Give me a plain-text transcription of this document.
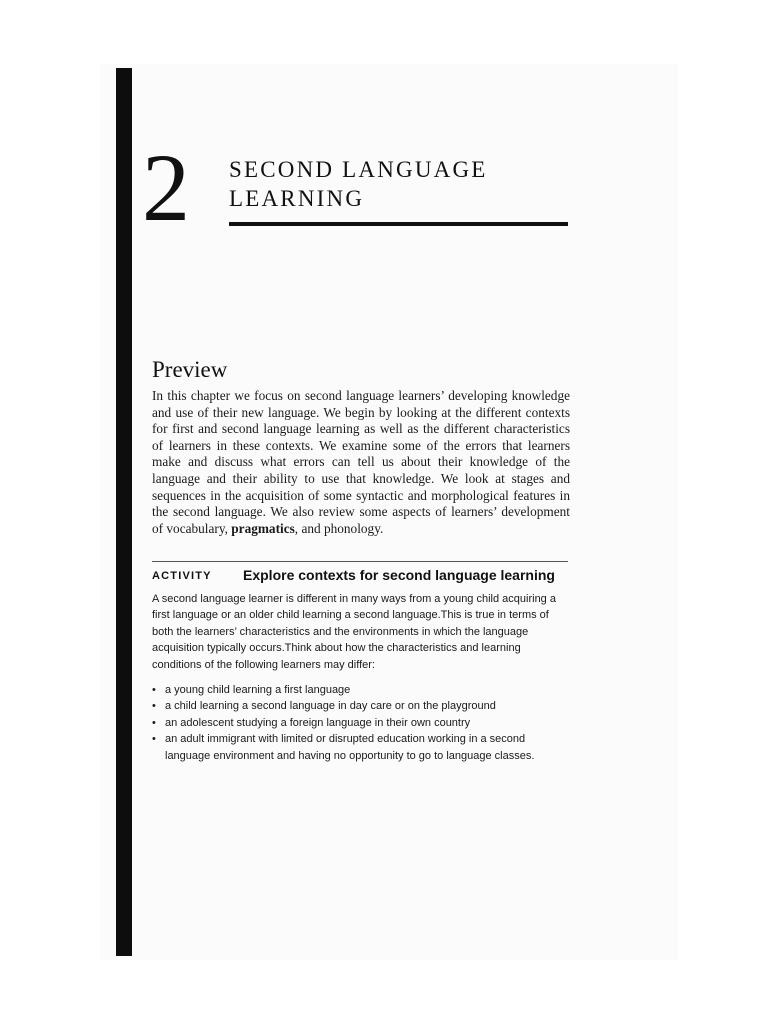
2 SECOND LANGUAGE
LEARNING
Preview

In this chapter we focus on second language learners’ developing knowledge and use of their new language. We begin by looking at the different contexts for first and second language learning as well as the different characteristics of learners in these contexts. We examine some of the errors that learners make and discuss what errors can tell us about their knowledge of the language and their ability to use that knowledge. We look at stages and sequences in the acquisition of some syntactic and morphological features in the second language. We also review some aspects of learners’ development of vocabulary, pragmatics, and phonology.

ACTIVITY Explore contexts for second language learning

A second language learner is different in many ways from a young child acquiring a first language or an older child learning a second language.This is true in terms of both the learners’ characteristics and the environments in which the language acquisition typically occurs.Think about how the characteristics and learning conditions of the following learners may differ:

• a young child learning a first language
• a child learning a second language in day care or on the playground
• an adolescent studying a foreign language in their own country
• an adult immigrant with limited or disrupted education working in a second language environment and having no opportunity to go to language classes.
